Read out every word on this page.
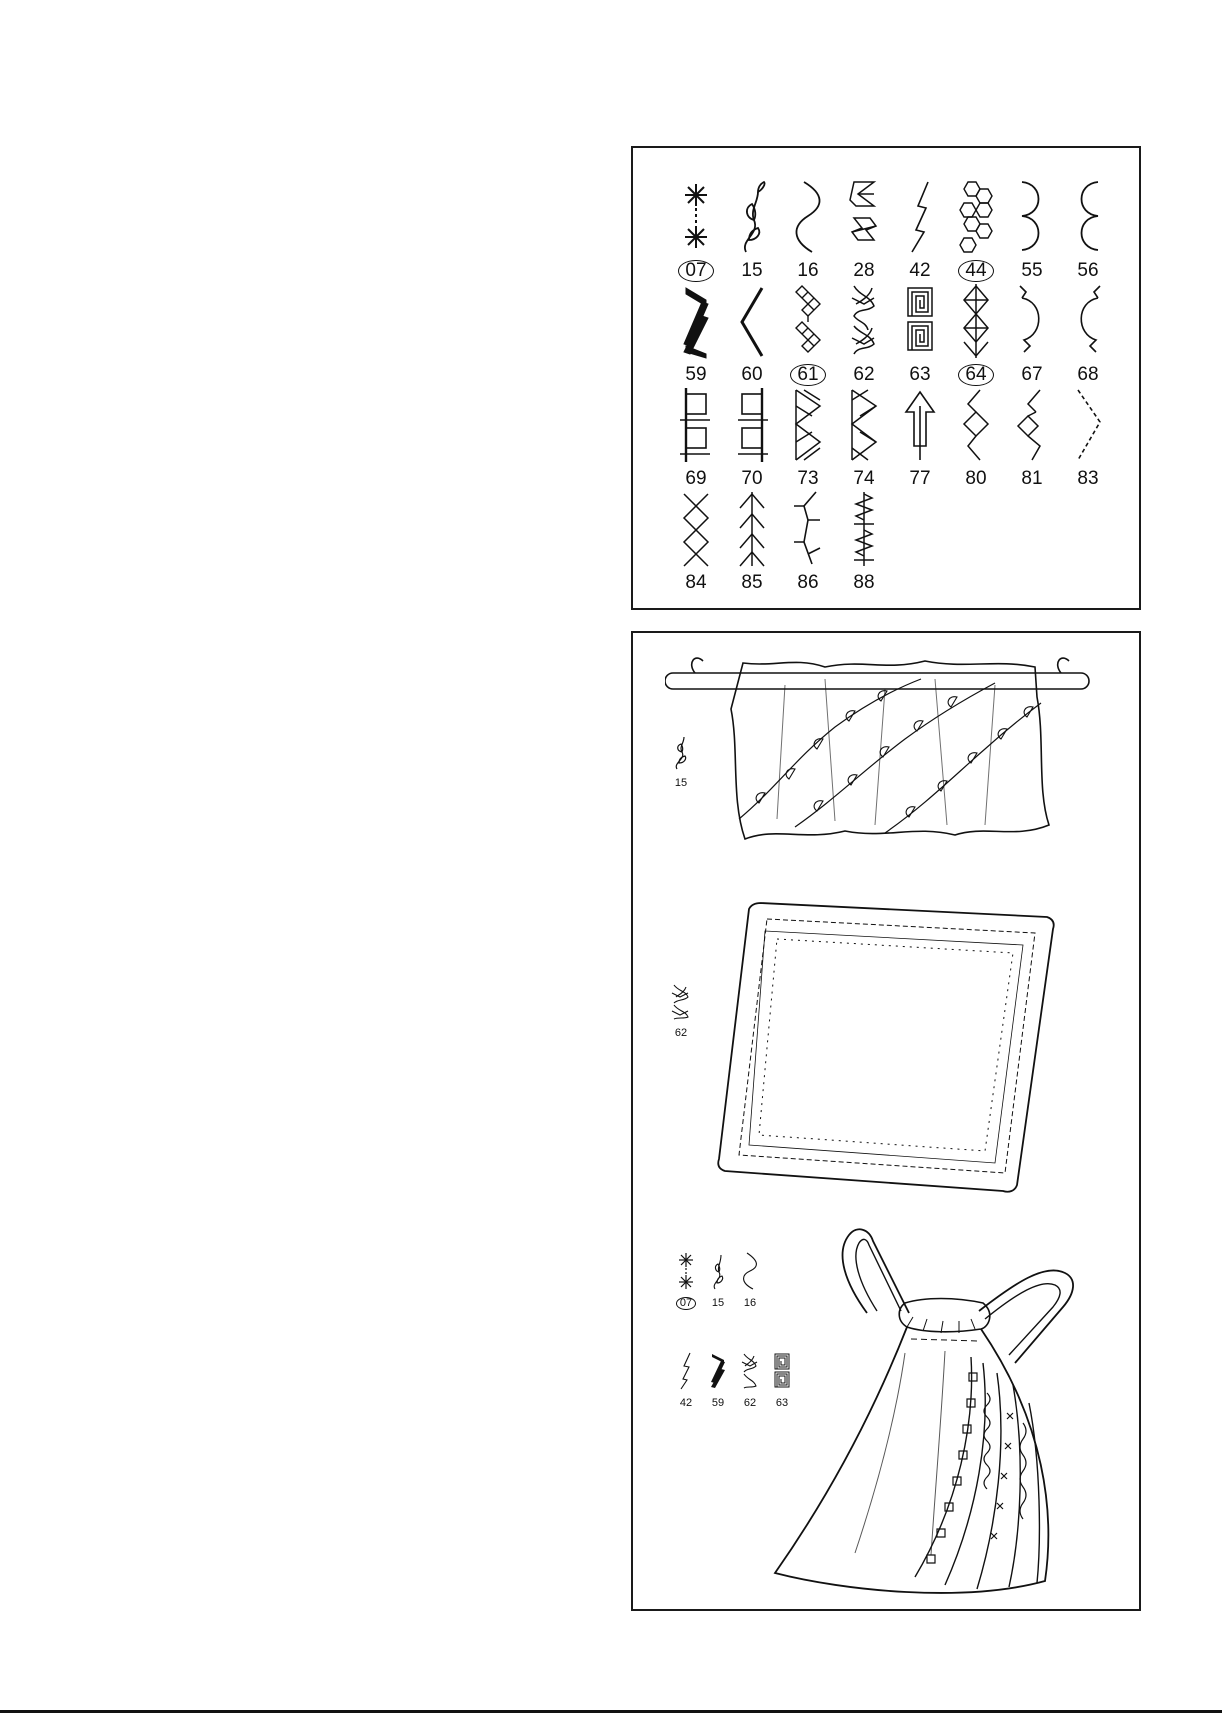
07	15	16	28	42	44	55	56
59	60	61	62	63	64	67	68
69	70	73	74	77	80	81	83
84	85	86	88
15
62
07	15	16
42	59	62	63
